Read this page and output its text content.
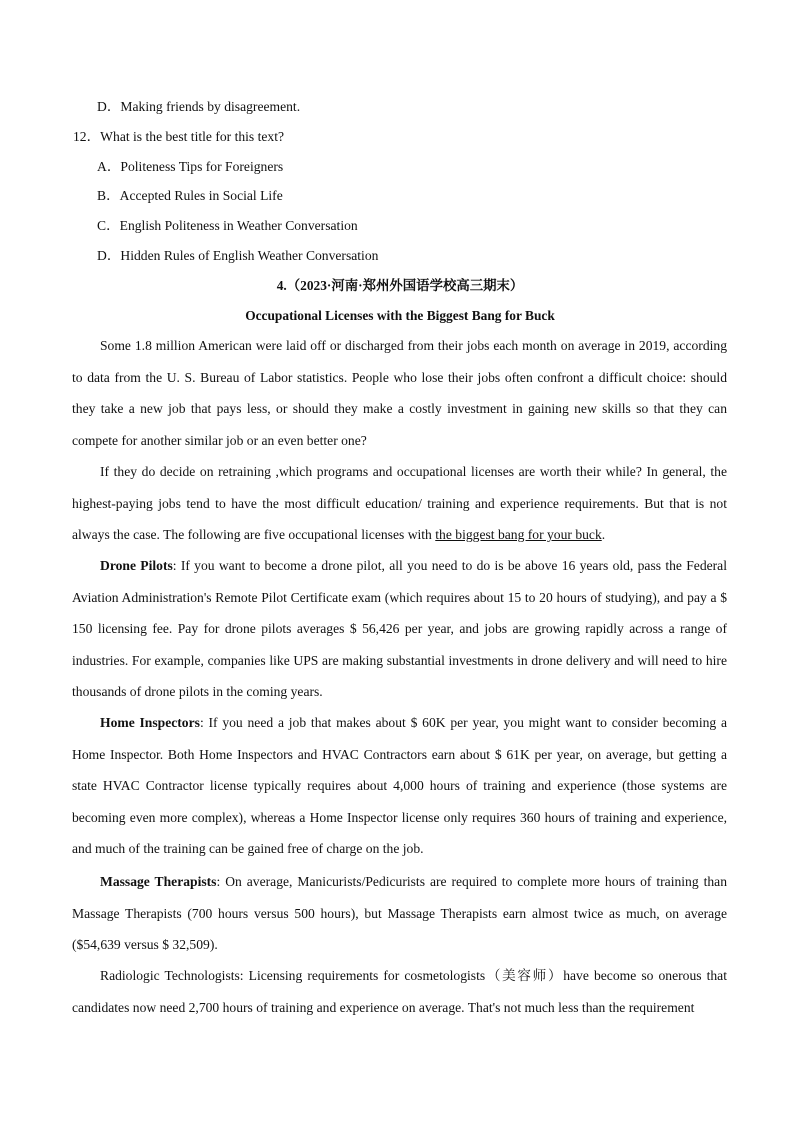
D．Making friends by disagreement.
12．What is the best title for this text?
A．Politeness Tips for Foreigners
B．Accepted Rules in Social Life
C．English Politeness in Weather Conversation
D．Hidden Rules of English Weather Conversation
4.（2023·河南·郑州外国语学校高三期末）
Occupational Licenses with the Biggest Bang for Buck

Some 1.8 million American were laid off or discharged from their jobs each month on average in 2019, according to data from the U. S. Bureau of Labor statistics. People who lose their jobs often confront a difficult choice: should they take a new job that pays less, or should they make a costly investment in gaining new skills so that they can compete for another similar job or an even better one?

If they do decide on retraining ,which programs and occupational licenses are worth their while? In general, the highest-paying jobs tend to have the most difficult education/ training and experience requirements. But that is not always the case. The following are five occupational licenses with the biggest bang for your buck.

Drone Pilots: If you want to become a drone pilot, all you need to do is be above 16 years old, pass the Federal Aviation Administration's Remote Pilot Certificate exam (which requires about 15 to 20 hours of studying), and pay a $ 150 licensing fee. Pay for drone pilots averages $ 56,426 per year, and jobs are growing rapidly across a range of industries. For example, companies like UPS are making substantial investments in drone delivery and will need to hire thousands of drone pilots in the coming years.

Home Inspectors: If you need a job that makes about $ 60K per year, you might want to consider becoming a Home Inspector. Both Home Inspectors and HVAC Contractors earn about $ 61K per year, on average, but getting a state HVAC Contractor license typically requires about 4,000 hours of training and experience (those systems are becoming even more complex), whereas a Home Inspector license only requires 360 hours of training and experience, and much of the training can be gained free of charge on the job.

Massage Therapists: On average, Manicurists/Pedicurists are required to complete more hours of training than Massage Therapists (700 hours versus 500 hours), but Massage Therapists earn almost twice as much, on average ($54,639 versus $ 32,509).

Radiologic Technologists: Licensing requirements for cosmetologists（美容师）have become so onerous that candidates now need 2,700 hours of training and experience on average. That's not much less than the requirement
